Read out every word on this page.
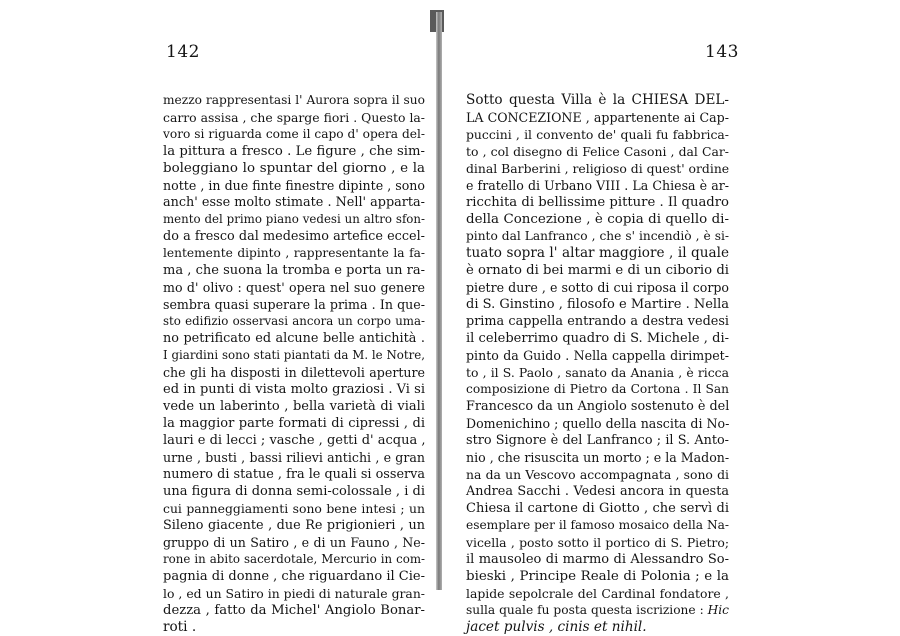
142	143
mezzo rappresentasi l' Aurora sopra il suo
carro assisa , che sparge fiori . Questo la-
voro si riguarda come il capo d' opera del-
la pittura a fresco . Le figure , che sim-
boleggiano lo spuntar del giorno , e la
notte , in due finte finestre dipinte , sono
anch' esse molto stimate . Nell' apparta-
mento del primo piano vedesi un altro sfon-
do a fresco dal medesimo artefice eccel-
lentemente dipinto , rappresentante la fa-
ma , che suona la tromba e porta un ra-
mo d' olivo : quest' opera nel suo genere
sembra quasi superare la prima . In que-
sto edifizio osservasi ancora un corpo uma-
no petrificato ed alcune belle antichità .
I giardini sono stati piantati da M. le Notre,
che gli ha disposti in dilettevoli aperture
ed in punti di vista molto graziosi . Vi si
vede un laberinto , bella varietà di viali
la maggior parte formati di cipressi , di
lauri e di lecci ; vasche , getti d' acqua ,
urne , busti , bassi rilievi antichi , e gran
numero di statue , fra le quali si osserva
una figura di donna semi-colossale , i di
cui panneggiamenti sono bene intesi ; un
Sileno giacente , due Re prigionieri , un
gruppo di un Satiro , e di un Fauno , Ne-
rone in abito sacerdotale, Mercurio in com-
pagnia di donne , che riguardano il Cie-
lo , ed un Satiro in piedi di naturale gran-
dezza , fatto da Michel' Angiolo Bonar-
roti .
Sotto questa Villa è la CHIESA DEL-
LA CONCEZIONE , appartenente ai Cap-
puccini , il convento de' quali fu fabbrica-
to , col disegno di Felice Casoni , dal Car-
dinal Barberini , religioso di quest' ordine
e fratello di Urbano VIII . La Chiesa è ar-
ricchita di bellissime pitture . Il quadro
della Concezione , è copia di quello di-
pinto dal Lanfranco , che s' incendiò , è si-
tuato sopra l' altar maggiore , il quale
è ornato di bei marmi e di un ciborio di
pietre dure , e sotto di cui riposa il corpo
di S. Ginstino , filosofo e Martire . Nella
prima cappella entrando a destra vedesi
il celeberrimo quadro di S. Michele , di-
pinto da Guido . Nella cappella dirimpet-
to , il S. Paolo , sanato da Anania , è ricca
composizione di Pietro da Cortona . Il San
Francesco da un Angiolo sostenuto è del
Domenichino ; quello della nascita di No-
stro Signore è del Lanfranco ; il S. Anto-
nio , che risuscita un morto ; e la Madon-
na da un Vescovo accompagnata , sono di
Andrea Sacchi . Vedesi ancora in questa
Chiesa il cartone di Giotto , che servì di
esemplare per il famoso mosaico della Na-
vicella , posto sotto il portico di S. Pietro;
il mausoleo di marmo di Alessandro So-
bieski , Principe Reale di Polonia ; e la
lapide sepolcrale del Cardinal fondatore ,
sulla quale fu posta questa iscrizione : Hic
jacet pulvis , cinis et nihil.
